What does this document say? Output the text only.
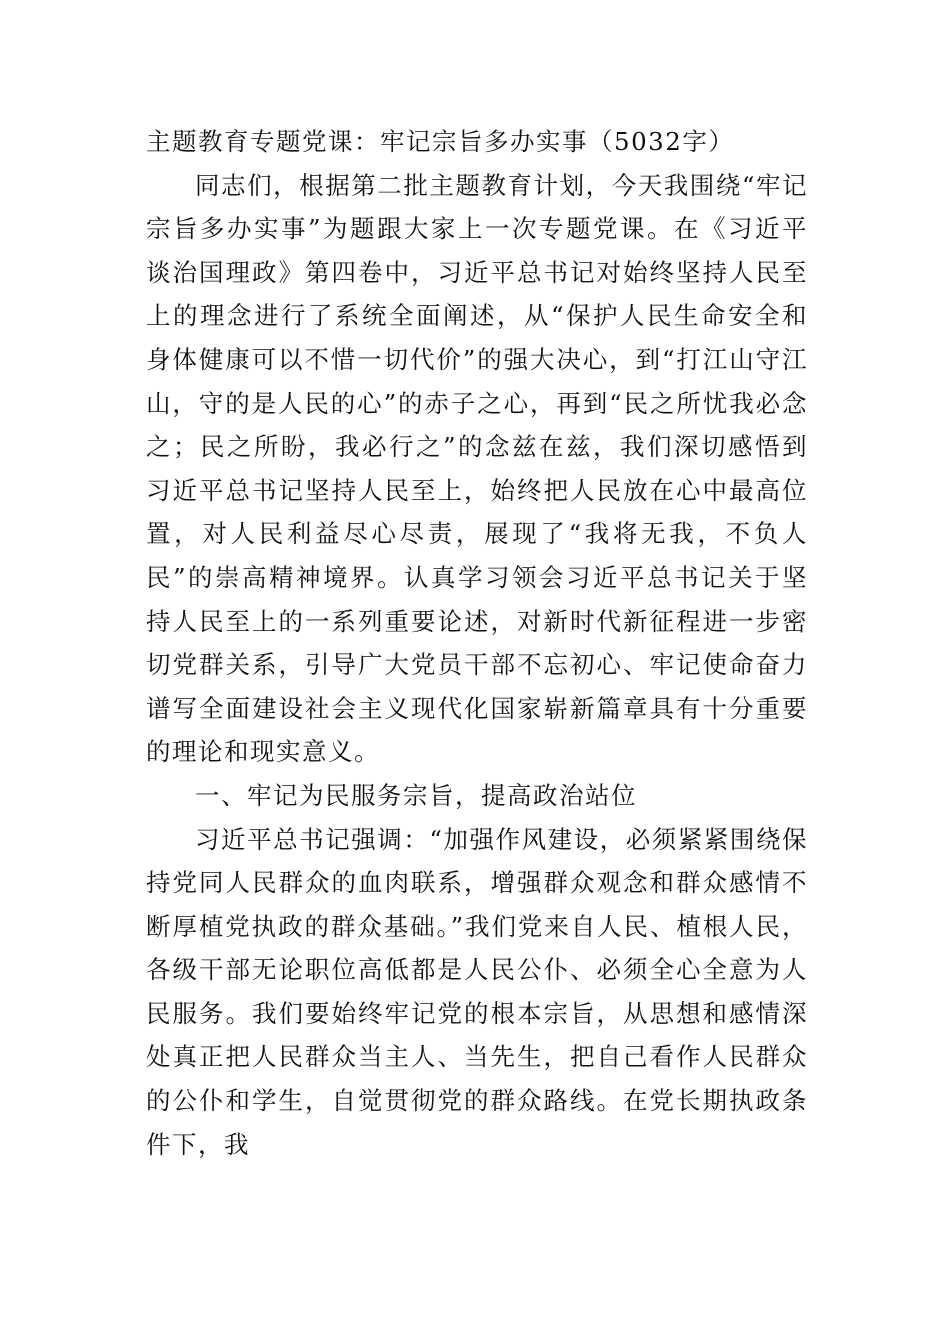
主题教育专题党课：牢记宗旨多办实事（5032字）

同志们，根据第二批主题教育计划，今天我围绕“牢记宗旨多办实事”为题跟大家上一次专题党课。在《习近平谈治国理政》第四卷中，习近平总书记对始终坚持人民至上的理念进行了系统全面阐述，从“保护人民生命安全和身体健康可以不惜一切代价”的强大决心，到“打江山守江山，守的是人民的心”的赤子之心，再到“民之所忧我必念之；民之所盼，我必行之”的念兹在兹，我们深切感悟到习近平总书记坚持人民至上，始终把人民放在心中最高位置，对人民利益尽心尽责，展现了“我将无我，不负人民”的崇高精神境界。认真学习领会习近平总书记关于坚持人民至上的一系列重要论述，对新时代新征程进一步密切党群关系，引导广大党员干部不忘初心、牢记使命奋力谱写全面建设社会主义现代化国家崭新篇章具有十分重要的理论和现实意义。

一、牢记为民服务宗旨，提高政治站位

习近平总书记强调：“加强作风建设，必须紧紧围绕保持党同人民群众的血肉联系，增强群众观念和群众感情不断厚植党执政的群众基础。”我们党来自人民、植根人民，各级干部无论职位高低都是人民公仆、必须全心全意为人民服务。我们要始终牢记党的根本宗旨，从思想和感情深处真正把人民群众当主人、当先生，把自己看作人民群众的公仆和学生，自觉贯彻党的群众路线。在党长期执政条件下，我
